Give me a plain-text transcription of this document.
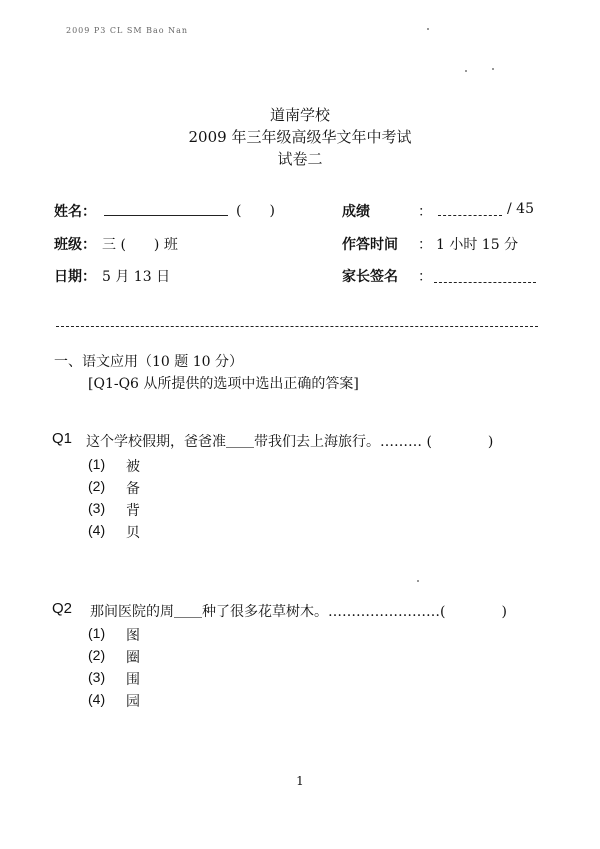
2009 P3 CL SM Bao Nan
道南学校
2009 年三年级高级华文年中考试
试卷二
姓名：	(　　)	成绩	：	/ 45
班级： 三 (　　) 班	作答时间 ： 1 小时 15 分
日期： 5 月 13 日	家长签名 ：
一、语文应用（10 题 10 分）
[Q1-Q6 从所提供的选项中选出正确的答案]
Q1 这个学校假期，爸爸准＿＿带我们去上海旅行。……… (　　　　)
(1) 被
(2) 备
(3) 背
(4) 贝
Q2 那间医院的周＿＿种了很多花草树木。……………………(　　　　)
(1) 图
(2) 圈
(3) 围
(4) 园
1
